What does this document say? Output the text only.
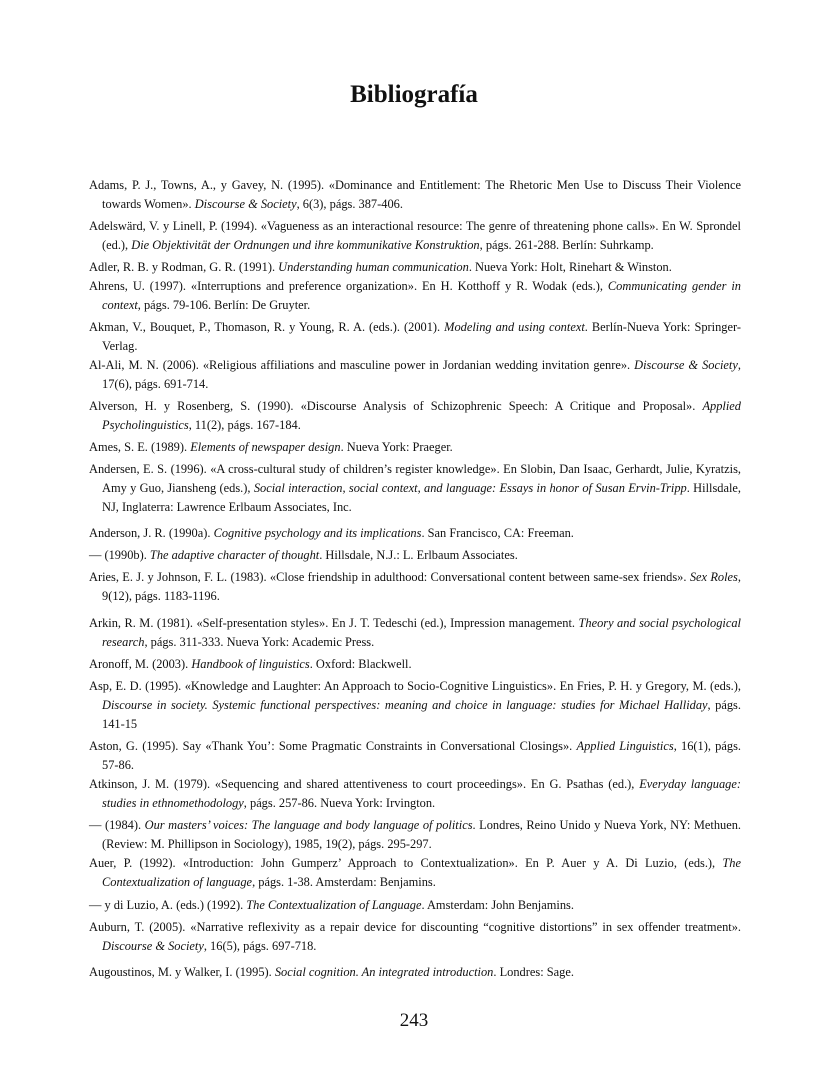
Bibliografía

Adams, P. J., Towns, A., y Gavey, N. (1995). «Dominance and Entitlement: The Rhetoric Men Use to Discuss Their Violence towards Women». Discourse & Society, 6(3), págs. 387-406.

Adelswärd, V. y Linell, P. (1994). «Vagueness as an interactional resource: The genre of threatening phone calls». En W. Sprondel (ed.), Die Objektivität der Ordnungen und ihre kommunikative Konstruktion, págs. 261-288. Berlín: Suhrkamp.

Adler, R. B. y Rodman, G. R. (1991). Understanding human communication. Nueva York: Holt, Rinehart & Winston.

Ahrens, U. (1997). «Interruptions and preference organization». En H. Kotthoff y R. Wodak (eds.), Communicating gender in context, págs. 79-106. Berlín: De Gruyter.

Akman, V., Bouquet, P., Thomason, R. y Young, R. A. (eds.). (2001). Modeling and using context. Berlín-Nueva York: Springer-Verlag.

Al-Ali, M. N. (2006). «Religious affiliations and masculine power in Jordanian wedding invitation genre». Discourse & Society, 17(6), págs. 691-714.

Alverson, H. y Rosenberg, S. (1990). «Discourse Analysis of Schizophrenic Speech: A Critique and Proposal». Applied Psycholinguistics, 11(2), págs. 167-184.

Ames, S. E. (1989). Elements of newspaper design. Nueva York: Praeger.

Andersen, E. S. (1996). «A cross-cultural study of children’s register knowledge». En Slobin, Dan Isaac, Gerhardt, Julie, Kyratzis, Amy y Guo, Jiansheng (eds.), Social interaction, social context, and language: Essays in honor of Susan Ervin-Tripp. Hillsdale, NJ, Inglaterra: Lawrence Erlbaum Associates, Inc.

Anderson, J. R. (1990a). Cognitive psychology and its implications. San Francisco, CA: Freeman.

— (1990b). The adaptive character of thought. Hillsdale, N.J.: L. Erlbaum Associates.

Aries, E. J. y Johnson, F. L. (1983). «Close friendship in adulthood: Conversational content between same-sex friends». Sex Roles, 9(12), págs. 1183-1196.

Arkin, R. M. (1981). «Self-presentation styles». En J. T. Tedeschi (ed.), Impression management. Theory and social psychological research, págs. 311-333. Nueva York: Academic Press.

Aronoff, M. (2003). Handbook of linguistics. Oxford: Blackwell.

Asp, E. D. (1995). «Knowledge and Laughter: An Approach to Socio-Cognitive Linguistics». En Fries, P. H. y Gregory, M. (eds.), Discourse in society. Systemic functional perspectives: meaning and choice in language: studies for Michael Halliday, págs. 141-15

Aston, G. (1995). Say «Thank You’: Some Pragmatic Constraints in Conversational Closings». Applied Linguistics, 16(1), págs. 57-86.

Atkinson, J. M. (1979). «Sequencing and shared attentiveness to court proceedings». En G. Psathas (ed.), Everyday language: studies in ethnomethodology, págs. 257-86. Nueva York: Irvington.

— (1984). Our masters’ voices: The language and body language of politics. Londres, Reino Unido y Nueva York, NY: Methuen. (Review: M. Phillipson in Sociology), 1985, 19(2), págs. 295-297.

Auer, P. (1992). «Introduction: John Gumperz’ Approach to Contextualization». En P. Auer y A. Di Luzio, (eds.), The Contextualization of language, págs. 1-38. Amsterdam: Benjamins.

— y di Luzio, A. (eds.) (1992). The Contextualization of Language. Amsterdam: John Benjamins.

Auburn, T. (2005). «Narrative reflexivity as a repair device for discounting “cognitive distortions” in sex offender treatment». Discourse & Society, 16(5), págs. 697-718.

Augoustinos, M. y Walker, I. (1995). Social cognition. An integrated introduction. Londres: Sage.

243
